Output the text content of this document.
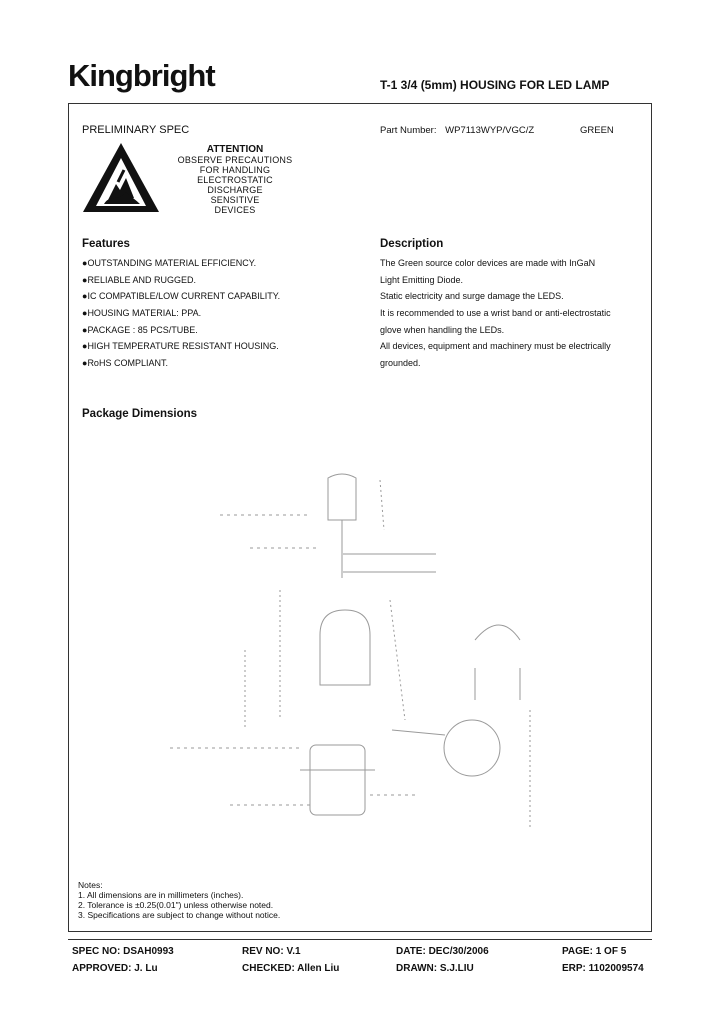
Kingbright	T-1 3/4 (5mm) HOUSING FOR LED LAMP
PRELIMINARY SPEC	Part Number: WP7113WYP/VGC/Z	GREEN
ATTENTION
OBSERVE PRECAUTIONS
FOR HANDLING
ELECTROSTATIC
DISCHARGE
SENSITIVE
DEVICES
Features	Description
●OUTSTANDING MATERIAL EFFICIENCY.
●RELIABLE AND RUGGED.
●IC COMPATIBLE/LOW CURRENT CAPABILITY.
●HOUSING MATERIAL: PPA.
●PACKAGE : 85 PCS/TUBE.
●HIGH TEMPERATURE RESISTANT HOUSING.
●RoHS COMPLIANT.
The Green source color devices are made with InGaN
Light Emitting Diode.
Static electricity and surge damage the LEDS.
It is recommended to use a wrist band or anti-electrostatic
glove when handling the LEDs.
All devices, equipment and machinery must be electrically
grounded.
Package Dimensions
Notes:
1. All dimensions are in millimeters (inches).
2. Tolerance is ±0.25(0.01") unless otherwise noted.
3. Specifications are subject to change without notice.
SPEC NO: DSAH0993	REV NO: V.1	DATE: DEC/30/2006	PAGE: 1 OF 5
APPROVED: J. Lu	CHECKED: Allen Liu	DRAWN: S.J.LIU	ERP: 1102009574
